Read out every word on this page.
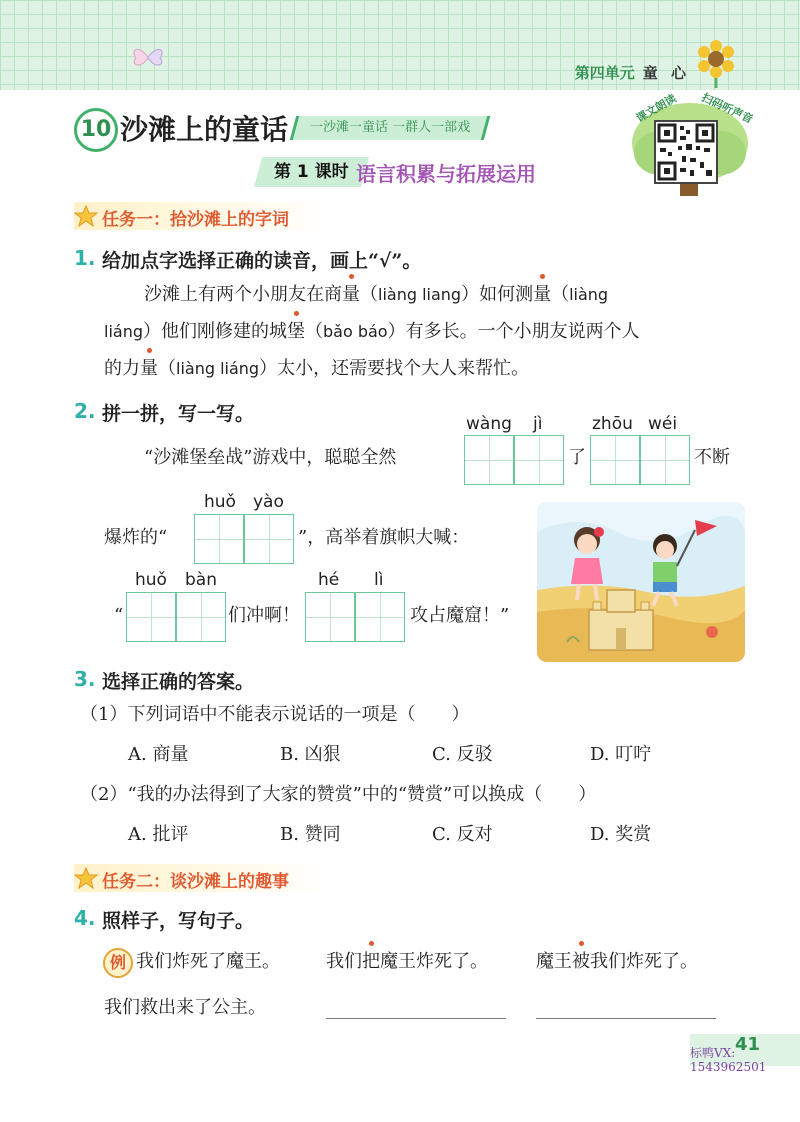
第四单元 童 心
10 沙滩上的童话	一沙滩一童话 一群人一部戏
课文朗读 扫码听声音
第 1 课时 语言积累与拓展运用
任务一：拾沙滩上的字词
1. 给加点字选择正确的读音，画上“√”。
沙滩上有两个小朋友在商量（liàng liang）如何测量（liàng
liáng）他们刚修建的城堡（bǎo báo）有多长。一个小朋友说两个人
的力量（liàng liáng）太小，还需要找个大人来帮忙。
2. 拼一拼，写一写。	wàng jì	zhōu wéi
“沙滩堡垒战”游戏中，聪聪全然	了	不断
huǒ yào
爆炸的“	”，高举着旗帜大喊：
huǒ bàn	hé lì
“	们冲啊！	攻占魔窟！”
3. 选择正确的答案。
（1）下列词语中不能表示说话的一项是（　　）
A. 商量	B. 凶狠	C. 反驳	D. 叮咛
（2）“我的办法得到了大家的赞赏”中的“赞赏”可以换成（　　）
A. 批评	B. 赞同	C. 反对	D. 奖赏
任务二：谈沙滩上的趣事
4. 照样子，写句子。
例 我们炸死了魔王。	我们把魔王炸死了。	魔王被我们炸死了。
我们救出来了公主。
41
标鸭VX:
1543962501
